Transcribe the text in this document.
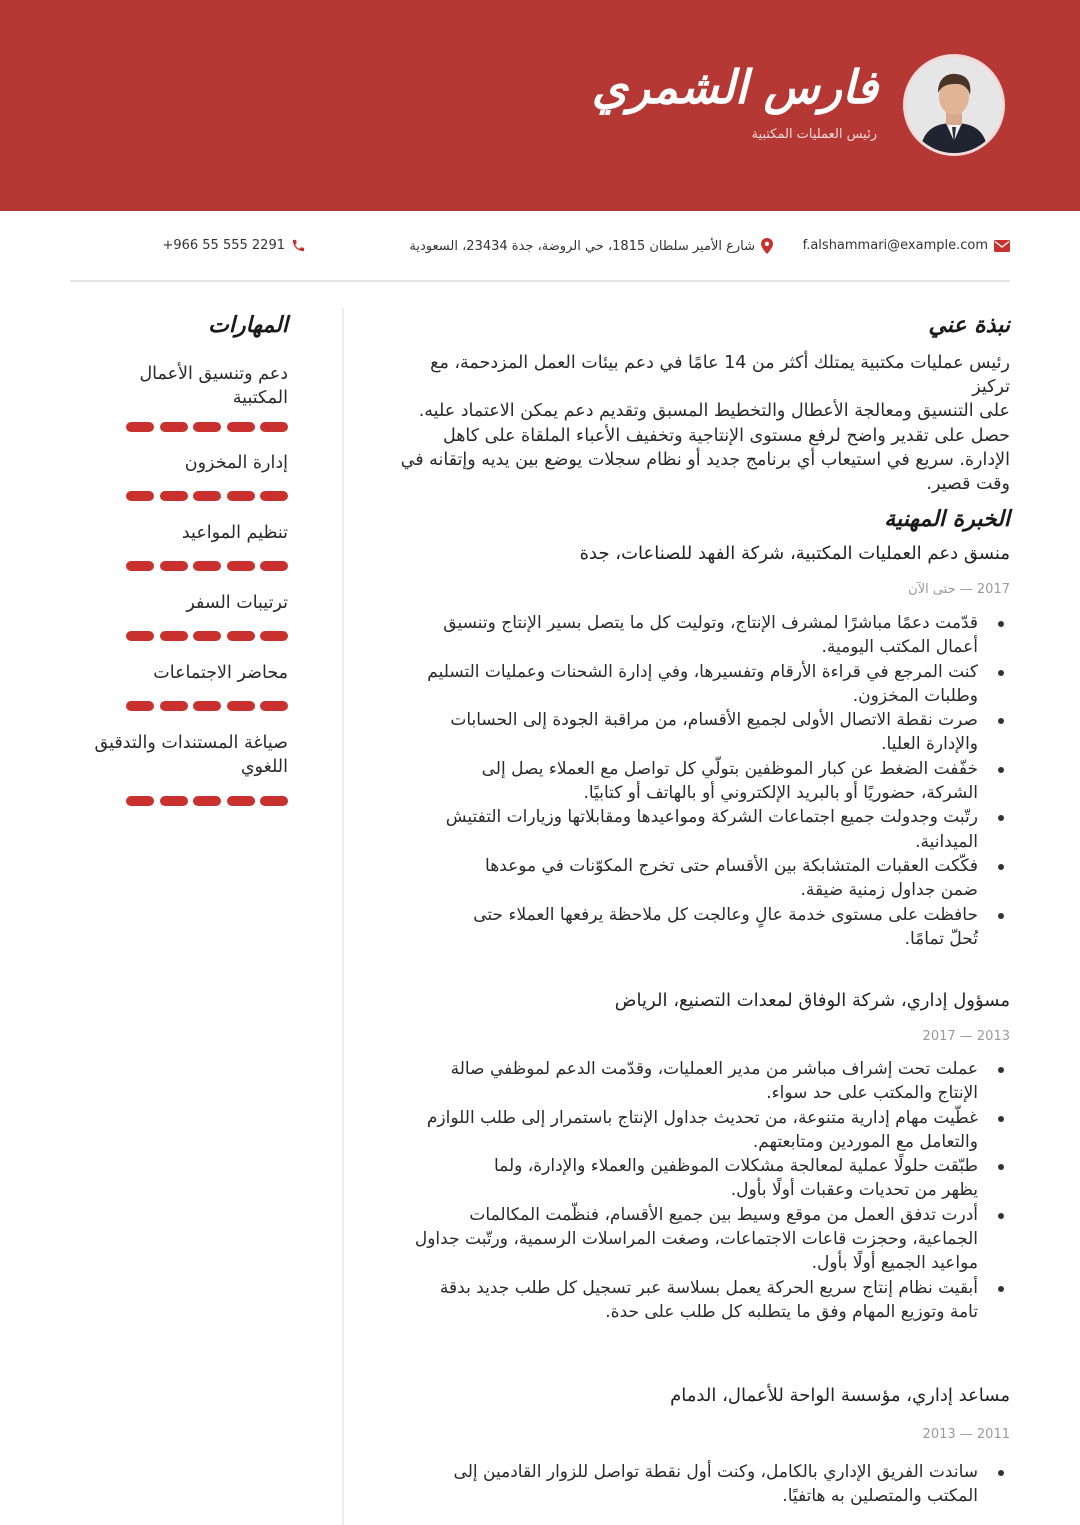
فارس الشمري
رئيس العمليات المكتبية
f.alshammari@example.com
شارع الأمير سلطان 1815، حي الروضة، جدة 23434، السعودية
+966 55 555 2291
نبذة عني
رئيس عمليات مكتبية يمتلك أكثر من 14 عامًا في دعم بيئات العمل المزدحمة، مع تركيز
على التنسيق ومعالجة الأعطال والتخطيط المسبق وتقديم دعم يمكن الاعتماد عليه.
حصل على تقدير واضح لرفع مستوى الإنتاجية وتخفيف الأعباء الملقاة على كاهل
الإدارة. سريع في استيعاب أي برنامج جديد أو نظام سجلات يوضع بين يديه وإتقانه في
وقت قصير.
الخبرة المهنية
منسق دعم العمليات المكتبية، شركة الفهد للصناعات، جدة
2017 — حتى الآن
قدّمت دعمًا مباشرًا لمشرف الإنتاج، وتوليت كل ما يتصل بسير الإنتاج وتنسيق
أعمال المكتب اليومية.
كنت المرجع في قراءة الأرقام وتفسيرها، وفي إدارة الشحنات وعمليات التسليم
وطلبات المخزون.
صرت نقطة الاتصال الأولى لجميع الأقسام، من مراقبة الجودة إلى الحسابات
والإدارة العليا.
خفّفت الضغط عن كبار الموظفين بتولّي كل تواصل مع العملاء يصل إلى
الشركة، حضوريًا أو بالبريد الإلكتروني أو بالهاتف أو كتابيًا.
رتّبت وجدولت جميع اجتماعات الشركة ومواعيدها ومقابلاتها وزيارات التفتيش
الميدانية.
فكّكت العقبات المتشابكة بين الأقسام حتى تخرج المكوّنات في موعدها
ضمن جداول زمنية ضيقة.
حافظت على مستوى خدمة عالٍ وعالجت كل ملاحظة يرفعها العملاء حتى
تُحلّ تمامًا.
مسؤول إداري، شركة الوفاق لمعدات التصنيع، الرياض
2013 — 2017
عملت تحت إشراف مباشر من مدير العمليات، وقدّمت الدعم لموظفي صالة
الإنتاج والمكتب على حد سواء.
غطّيت مهام إدارية متنوعة، من تحديث جداول الإنتاج باستمرار إلى طلب اللوازم
والتعامل مع الموردين ومتابعتهم.
طبّقت حلولًا عملية لمعالجة مشكلات الموظفين والعملاء والإدارة، ولما
يظهر من تحديات وعقبات أولًا بأول.
أدرت تدفق العمل من موقع وسيط بين جميع الأقسام، فنظّمت المكالمات
الجماعية، وحجزت قاعات الاجتماعات، وصغت المراسلات الرسمية، ورتّبت جداول
مواعيد الجميع أولًا بأول.
أبقيت نظام إنتاج سريع الحركة يعمل بسلاسة عبر تسجيل كل طلب جديد بدقة
تامة وتوزيع المهام وفق ما يتطلبه كل طلب على حدة.
مساعد إداري، مؤسسة الواحة للأعمال، الدمام
2011 — 2013
ساندت الفريق الإداري بالكامل، وكنت أول نقطة تواصل للزوار القادمين إلى
المكتب والمتصلين به هاتفيًا.
المهارات
دعم وتنسيق الأعمال
المكتبية
إدارة المخزون
تنظيم المواعيد
ترتيبات السفر
محاضر الاجتماعات
صياغة المستندات والتدقيق
اللغوي
